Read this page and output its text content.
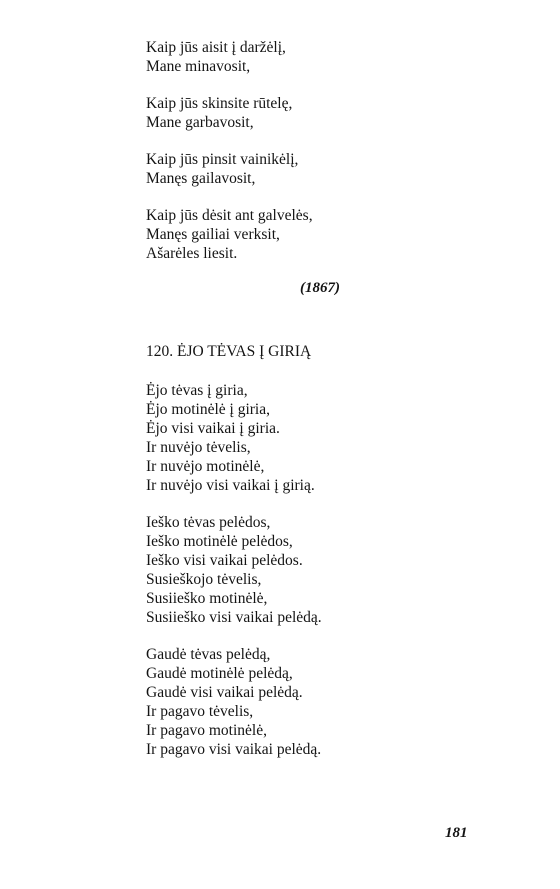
Kaip jūs aisit į daržėlį,
Mane minavosit,

Kaip jūs skinsite rūtelę,
Mane garbavosit,

Kaip jūs pinsit vainikėlį,
Manęs gailavosit,

Kaip jūs dėsit ant galvelės,
Manęs gailiai verksit,
Ašarėles liesit.

(1867)
120. ĖJO TĖVAS Į GIRIĄ

Ėjo tėvas į giria,
Ėjo motinėlė į giria,
Ėjo visi vaikai į giria.
Ir nuvėjo tėvelis,
Ir nuvėjo motinėlė,
Ir nuvėjo visi vaikai į girią.

Ieško tėvas pelėdos,
Ieško motinėlė pelėdos,
Ieško visi vaikai pelėdos.
Susieškojo tėvelis,
Susiieško motinėlė,
Susiieško visi vaikai pelėdą.

Gaudė tėvas pelėdą,
Gaudė motinėlė pelėdą,
Gaudė visi vaikai pelėdą.
Ir pagavo tėvelis,
Ir pagavo motinėlė,
Ir pagavo visi vaikai pelėdą.

181
